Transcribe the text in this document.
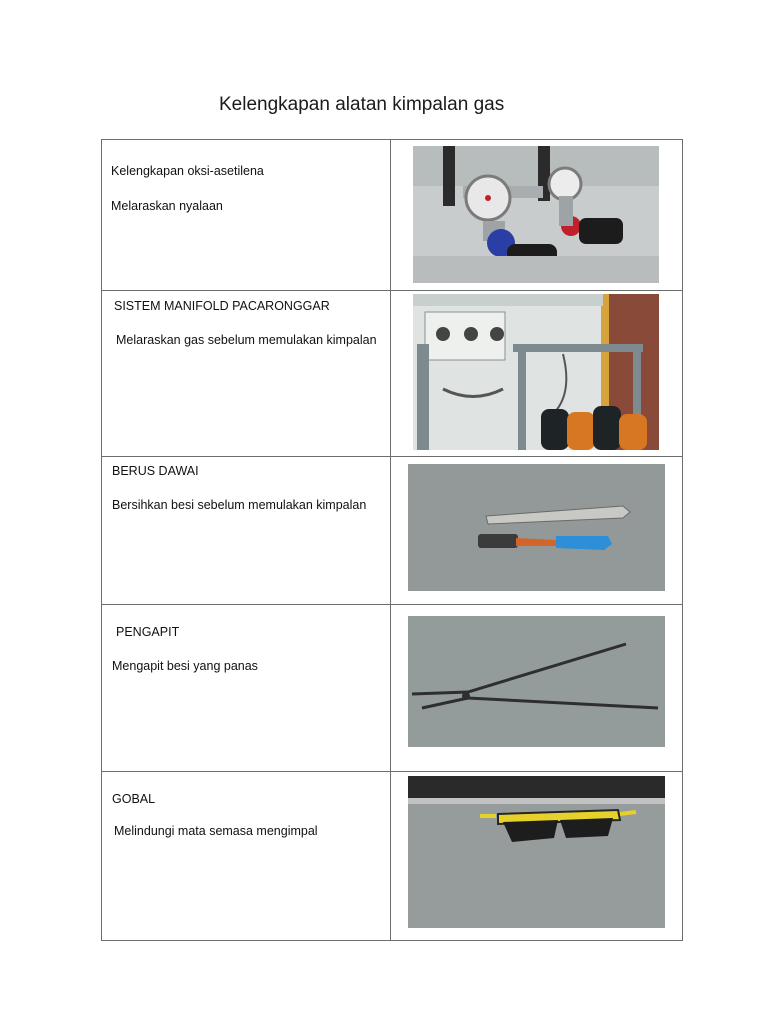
Kelengkapan alatan kimpalan gas

Kelengkapan oksi-asetilena

Melaraskan nyalaan

SISTEM MANIFOLD PACARONGGAR

Melaraskan gas sebelum memulakan kimpalan

BERUS DAWAI

Bersihkan besi sebelum memulakan kimpalan

PENGAPIT

Mengapit besi yang panas

GOBAL

Melindungi mata semasa mengimpal
